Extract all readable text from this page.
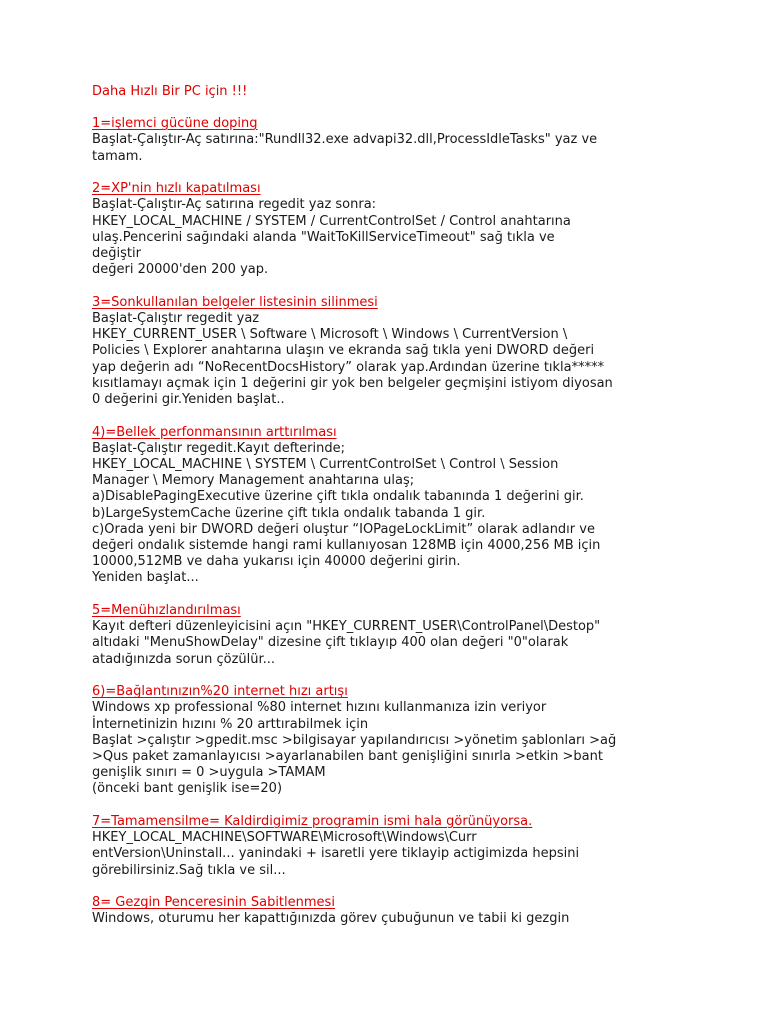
Daha Hızlı Bir PC için !!!
1=işlemci gücüne doping
Başlat-Çalıştır-Aç satırına:"Rundll32.exe advapi32.dll,ProcessIdleTasks" yaz ve
tamam.
2=XP'nin hızlı kapatılması
Başlat-Çalıştır-Aç satırına regedit yaz sonra:
HKEY_LOCAL_MACHINE / SYSTEM / CurrentControlSet / Control anahtarına
ulaş.Pencerini sağındaki alanda "WaitToKillServiceTimeout" sağ tıkla ve
değiştir
değeri 20000'den 200 yap.
3=Sonkullanılan belgeler listesinin silinmesi
Başlat-Çalıştır regedit yaz
HKEY_CURRENT_USER \ Software \ Microsoft \ Windows \ CurrentVersion \
Policies \ Explorer anahtarına ulaşın ve ekranda sağ tıkla yeni DWORD değeri
yap değerin adı “NoRecentDocsHistory” olarak yap.Ardından üzerine tıkla*****
kısıtlamayı açmak için 1 değerini gir yok ben belgeler geçmişini istiyom diyosan
0 değerini gir.Yeniden başlat..
4)=Bellek perfonmansının arttırılması
Başlat-Çalıştır regedit.Kayıt defterinde;
HKEY_LOCAL_MACHINE \ SYSTEM \ CurrentControlSet \ Control \ Session
Manager \ Memory Management anahtarına ulaş;
a)DisablePagingExecutive üzerine çift tıkla ondalık tabanında 1 değerini gir.
b)LargeSystemCache üzerine çift tıkla ondalık tabanda 1 gir.
c)Orada yeni bir DWORD değeri oluştur “IOPageLockLimit” olarak adlandır ve
değeri ondalık sistemde hangi rami kullanıyosan 128MB için 4000,256 MB için
10000,512MB ve daha yukarısı için 40000 değerini girin.
Yeniden başlat...
5=Menühızlandırılması
Kayıt defteri düzenleyicisini açın "HKEY_CURRENT_USER\ControlPanel\Destop"
altıdaki "MenuShowDelay" dizesine çift tıklayıp 400 olan değeri "0"olarak
atadığınızda sorun çözülür...
6)=Bağlantınızın%20 internet hızı artışı
Windows xp professional %80 internet hızını kullanmanıza izin veriyor
İnternetinizin hızını % 20 arttırabilmek için
Başlat >çalıştır >gpedit.msc >bilgisayar yapılandırıcısı >yönetim şablonları >ağ
>Qus paket zamanlayıcısı >ayarlanabilen bant genişliğini sınırla >etkin >bant
genişlik sınırı = 0 >uygula >TAMAM
(önceki bant genişlik ise=20)
7=Tamamensilme= Kaldirdigimiz programin ismi hala görünüyorsa.
HKEY_LOCAL_MACHINE\SOFTWARE\Microsoft\Windows\Curr
entVersion\Uninstall... yanindaki + isaretli yere tiklayip actigimizda hepsini
görebilirsiniz.Sağ tıkla ve sil...
8= Gezgin Penceresinin Sabitlenmesi
Windows, oturumu her kapattığınızda görev çubuğunun ve tabii ki gezgin
